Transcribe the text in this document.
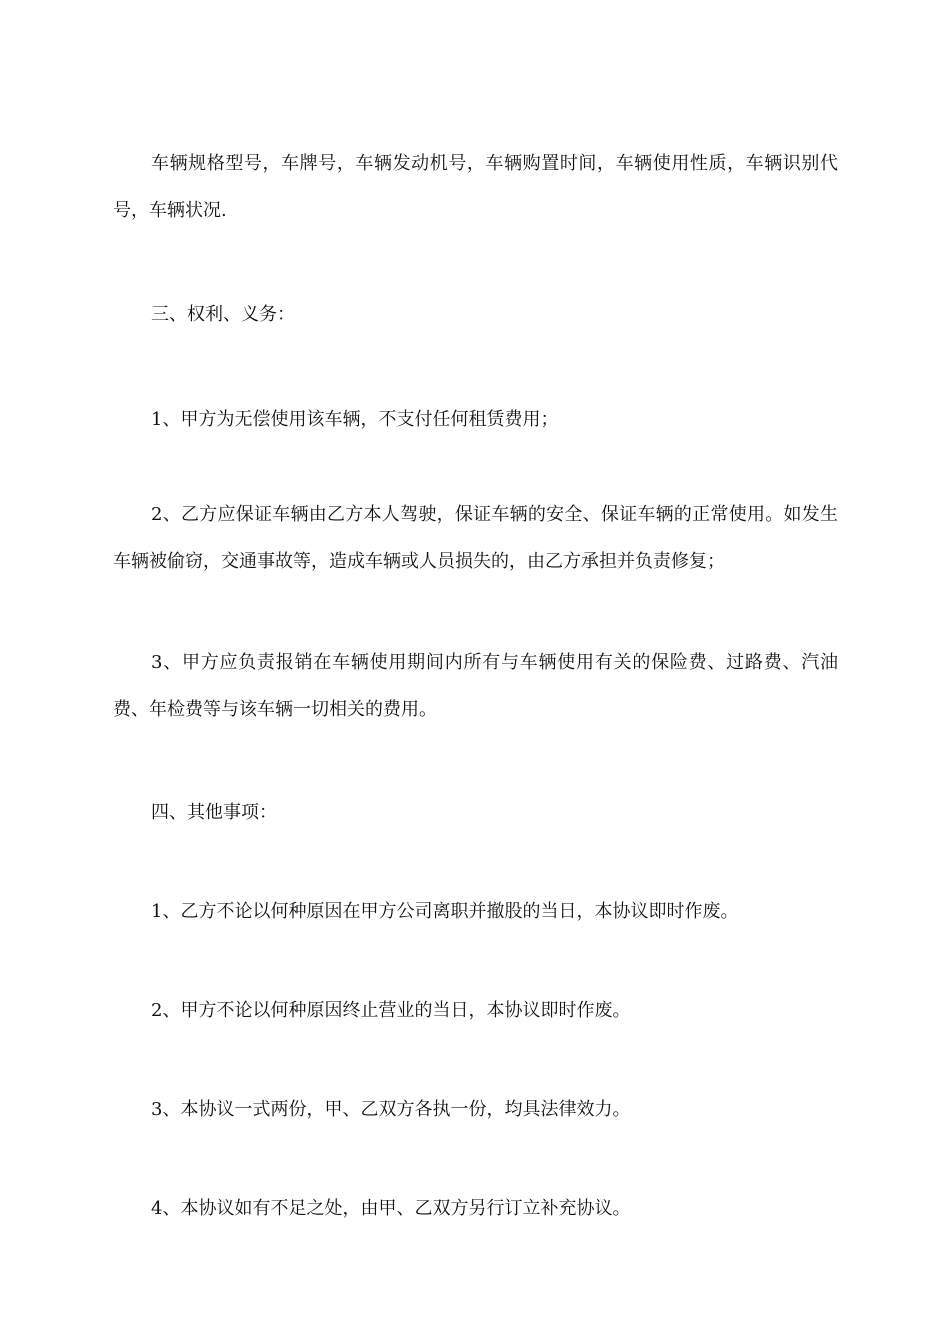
车辆规格型号，车牌号，车辆发动机号，车辆购置时间，车辆使用性质，车辆识别代号，车辆状况.

三、权利、义务：

1、甲方为无偿使用该车辆，不支付任何租赁费用；

2、乙方应保证车辆由乙方本人驾驶，保证车辆的安全、保证车辆的正常使用。如发生车辆被偷窃，交通事故等，造成车辆或人员损失的，由乙方承担并负责修复；

3、甲方应负责报销在车辆使用期间内所有与车辆使用有关的保险费、过路费、汽油费、年检费等与该车辆一切相关的费用。

四、其他事项：

1、乙方不论以何种原因在甲方公司离职并撤股的当日，本协议即时作废。

2、甲方不论以何种原因终止营业的当日，本协议即时作废。

3、本协议一式两份，甲、乙双方各执一份，均具法律效力。

4、本协议如有不足之处，由甲、乙双方另行订立补充协议。
